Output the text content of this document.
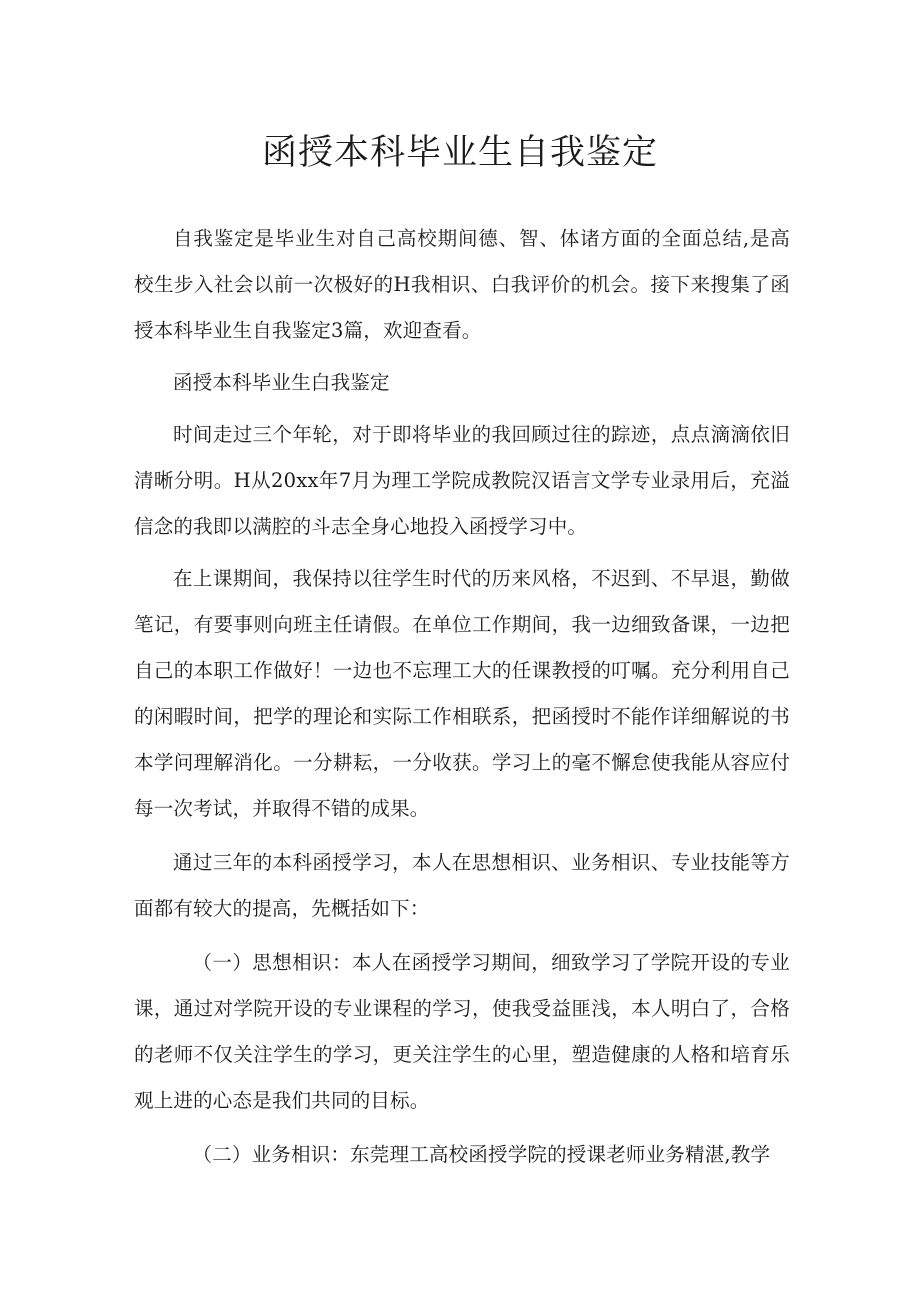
函授本科毕业生自我鉴定

自我鉴定是毕业生对自己高校期间德、智、体诸方面的全面总结,是高校生步入社会以前一次极好的H我相识、白我评价的机会。接下来搜集了函授本科毕业生自我鉴定3篇，欢迎查看。

函授本科毕业生白我鉴定

时间走过三个年轮，对于即将毕业的我回顾过往的踪迹，点点滴滴依旧清晰分明。H从20xx年7月为理工学院成教院汉语言文学专业录用后，充溢信念的我即以满腔的斗志全身心地投入函授学习中。

在上课期间，我保持以往学生时代的历来风格，不迟到、不早退，勤做笔记，有要事则向班主任请假。在单位工作期间，我一边细致备课，一边把自己的本职工作做好！一边也不忘理工大的任课教授的叮嘱。充分利用自己的闲暇时间，把学的理论和实际工作相联系，把函授时不能作详细解说的书本学问理解消化。一分耕耘，一分收获。学习上的毫不懈怠使我能从容应付每一次考试，并取得不错的成果。

通过三年的本科函授学习，本人在思想相识、业务相识、专业技能等方面都有较大的提高，先概括如下：

（一）思想相识：本人在函授学习期间，细致学习了学院开设的专业课，通过对学院开设的专业课程的学习，使我受益匪浅，本人明白了，合格的老师不仅关注学生的学习，更关注学生的心里，塑造健康的人格和培育乐观上进的心态是我们共同的目标。

（二）业务相识：东莞理工高校函授学院的授课老师业务精湛,教学
